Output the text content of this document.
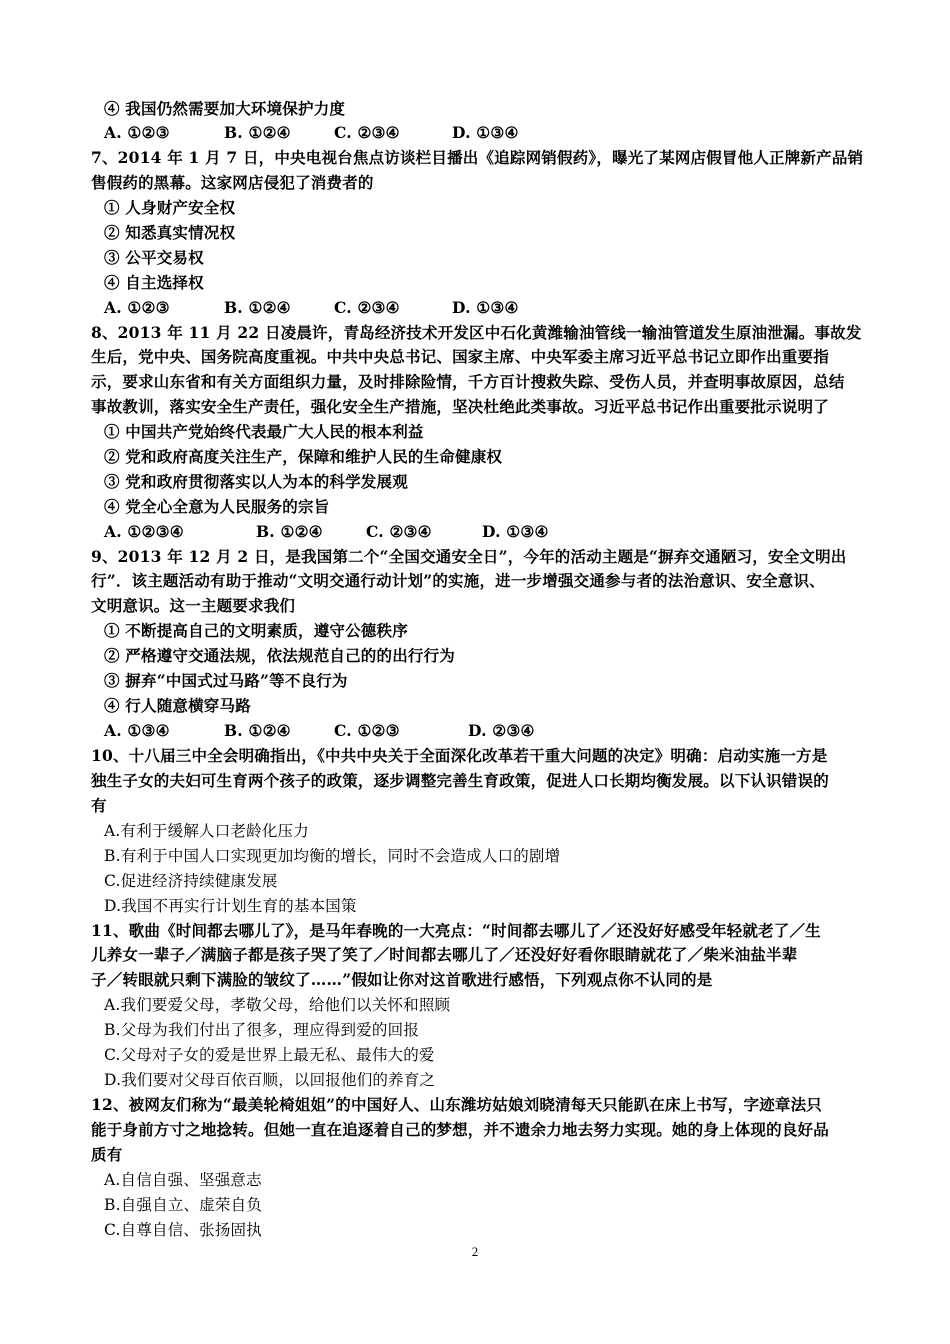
④ 我国仍然需要加大环境保护力度
A. ①②③	B. ①②④	C. ②③④	D. ①③④
7、2014 年 1 月 7 日，中央电视台焦点访谈栏目播出《追踪网销假药》，曝光了某网店假冒他人正牌新产品销
售假药的黑幕。这家网店侵犯了消费者的
① 人身财产安全权
② 知悉真实情况权
③ 公平交易权
④ 自主选择权
A. ①②③	B. ①②④	C. ②③④	D. ①③④
8、2013 年 11 月 22 日凌晨许，青岛经济技术开发区中石化黄潍输油管线一输油管道发生原油泄漏。事故发
生后，党中央、国务院高度重视。中共中央总书记、国家主席、中央军委主席习近平总书记立即作出重要指
示，要求山东省和有关方面组织力量，及时排除险情，千方百计搜救失踪、受伤人员，并查明事故原因，总结
事故教训，落实安全生产责任，强化安全生产措施，坚决杜绝此类事故。习近平总书记作出重要批示说明了
① 中国共产党始终代表最广大人民的根本利益
② 党和政府高度关注生产，保障和维护人民的生命健康权
③ 党和政府贯彻落实以人为本的科学发展观
④ 党全心全意为人民服务的宗旨
A. ①②③④	B. ①②④	C. ②③④	D. ①③④
9、2013 年 12 月 2 日，是我国第二个“全国交通安全日”，今年的活动主题是“摒弃交通陋习，安全文明出
行”．该主题活动有助于推动“文明交通行动计划”的实施，进一步增强交通参与者的法治意识、安全意识、
文明意识。这一主题要求我们
① 不断提高自己的文明素质，遵守公德秩序
② 严格遵守交通法规，依法规范自己的的出行行为
③ 摒弃“中国式过马路”等不良行为
④ 行人随意横穿马路
A. ①③④	B. ①②④	C. ①②③	D. ②③④
10、十八届三中全会明确指出，《中共中央关于全面深化改革若干重大问题的决定》明确：启动实施一方是
独生子女的夫妇可生育两个孩子的政策，逐步调整完善生育政策，促进人口长期均衡发展。以下认识错误的
有
A.有利于缓解人口老龄化压力
B.有利于中国人口实现更加均衡的增长，同时不会造成人口的剧增
C.促进经济持续健康发展
D.我国不再实行计划生育的基本国策
11、歌曲《时间都去哪儿了》，是马年春晚的一大亮点：“时间都去哪儿了／还没好好感受年轻就老了／生
儿养女一辈子／满脑子都是孩子哭了笑了／时间都去哪儿了／还没好好看你眼睛就花了／柴米油盐半辈
子／转眼就只剩下满脸的皱纹了……”假如让你对这首歌进行感悟，下列观点你不认同的是
A.我们要爱父母，孝敬父母，给他们以关怀和照顾
B.父母为我们付出了很多，理应得到爱的回报
C.父母对子女的爱是世界上最无私、最伟大的爱
D.我们要对父母百依百顺，以回报他们的养育之
12、被网友们称为“最美轮椅姐姐”的中国好人、山东潍坊姑娘刘晓清每天只能趴在床上书写，字迹章法只
能于身前方寸之地捻转。但她一直在追逐着自己的梦想，并不遗余力地去努力实现。她的身上体现的良好品
质有
A.自信自强、坚强意志
B.自强自立、虚荣自负
C.自尊自信、张扬固执
2
